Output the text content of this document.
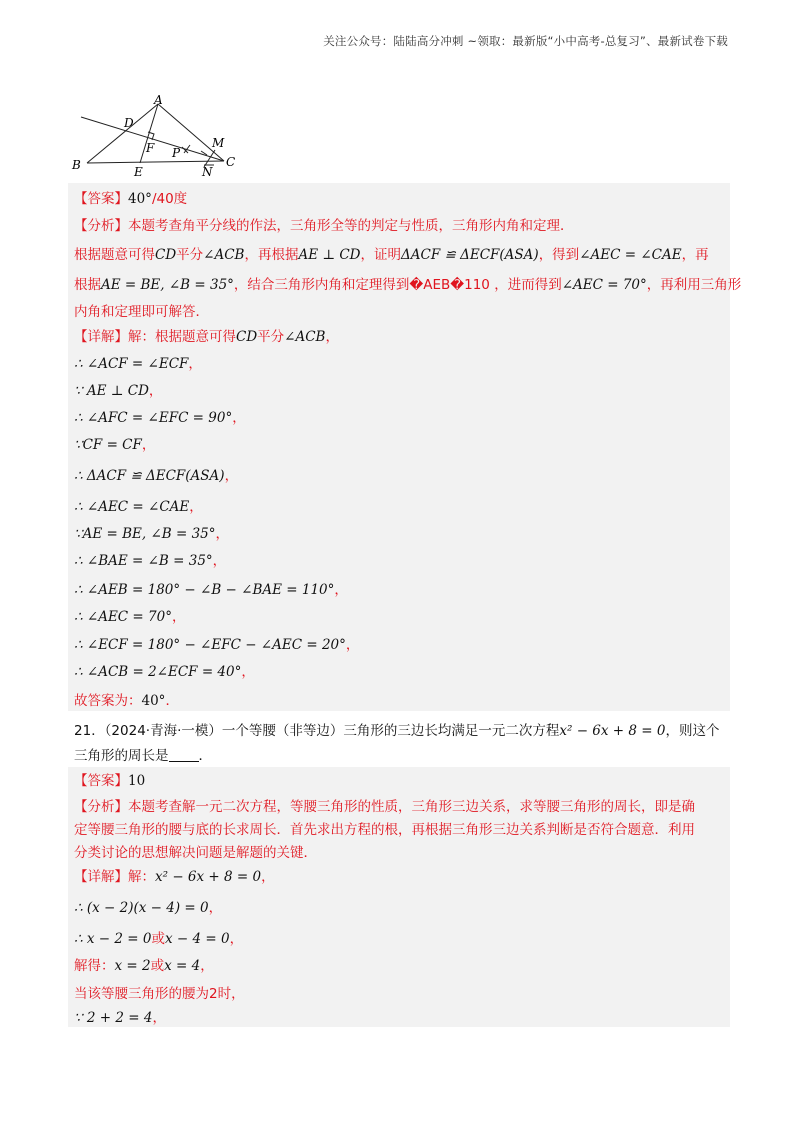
关注公众号：陆陆高分冲刺 ~领取：最新版“小中高考-总复习”、最新试卷下载
A
B	C
D
E
F P
M
N
【答案】40°/40度
【分析】本题考查角平分线的作法，三角形全等的判定与性质，三角形内角和定理．
根据题意可得CD平分∠ACB，再根据AE ⊥ CD，证明ΔACF ≌ ΔECF(ASA)，得到∠AEC = ∠CAE，再
根据AE = BE, ∠B = 35°，结合三角形内角和定理得到�AEB�110 ，进而得到∠AEC = 70°，再利用三角形
内角和定理即可解答．
【详解】解：根据题意可得CD平分∠ACB，
∴ ∠ACF = ∠ECF，
∵ AE ⊥ CD，
∴ ∠AFC = ∠EFC = 90°，
∵CF = CF，
∴ ΔACF ≌ ΔECF(ASA)，
∴ ∠AEC = ∠CAE，
∵AE = BE, ∠B = 35°，
∴ ∠BAE = ∠B = 35°，
∴ ∠AEB = 180° − ∠B − ∠BAE = 110°，
∴ ∠AEC = 70°，
∴ ∠ECF = 180° − ∠EFC − ∠AEC = 20°，
∴ ∠ACB = 2∠ECF = 40°，
故答案为：40°．
21．（2024·青海·一模）一个等腰（非等边）三角形的三边长均满足一元二次方程x² − 6x + 8 = 0，则这个
三角形的周长是 ．
【答案】10
【分析】本题考查解一元二次方程，等腰三角形的性质，三角形三边关系，求等腰三角形的周长，即是确
定等腰三角形的腰与底的长求周长．首先求出方程的根，再根据三角形三边关系判断是否符合题意．利用
分类讨论的思想解决问题是解题的关键．
【详解】解：x² − 6x + 8 = 0，
∴ (x − 2)(x − 4) = 0，
∴ x − 2 = 0或x − 4 = 0，
解得：x = 2或x = 4，
当该等腰三角形的腰为2时，
∵ 2 + 2 = 4，
